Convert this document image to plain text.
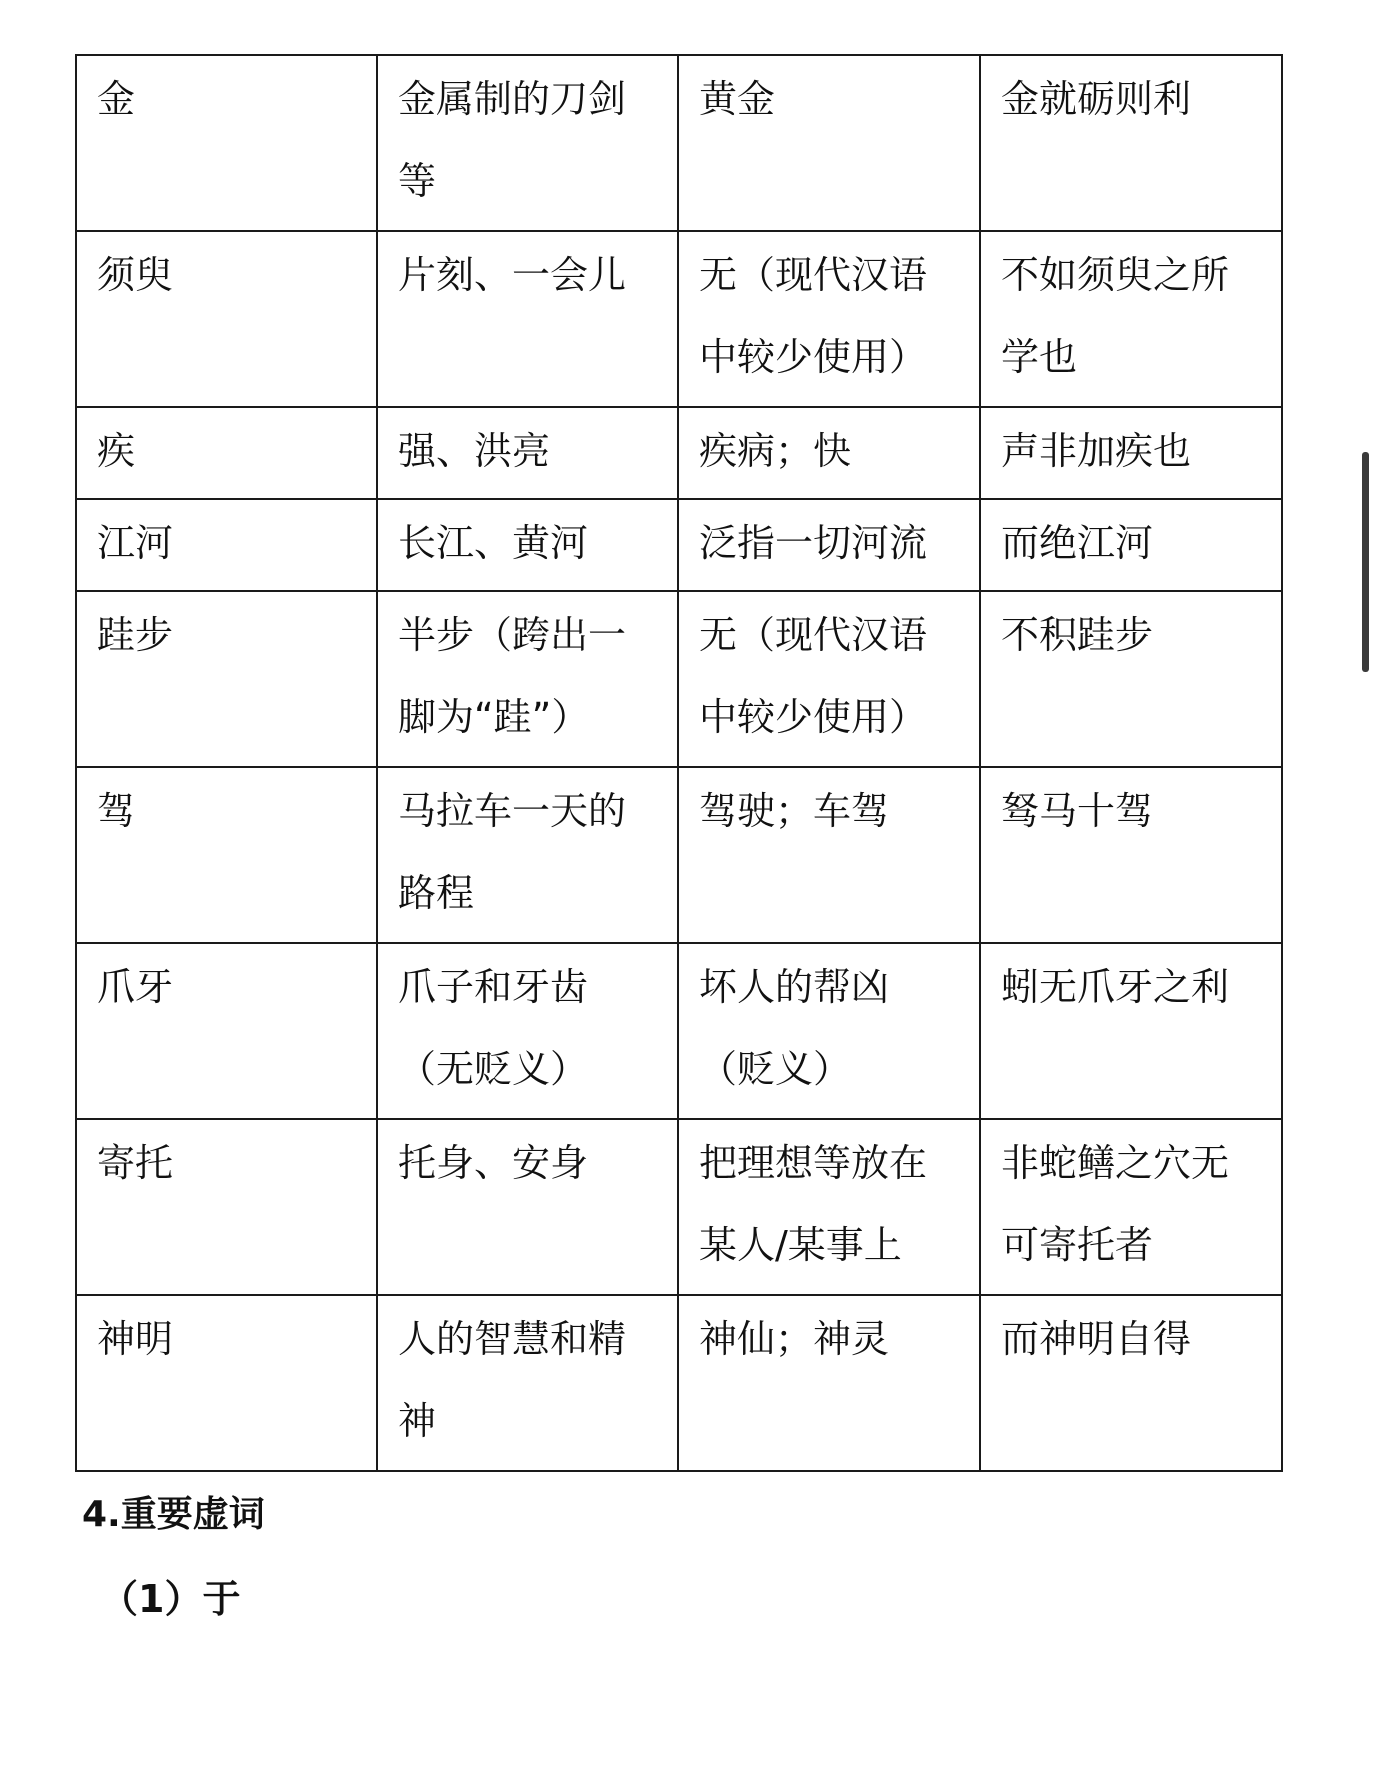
金	金属制的刀剑等	黄金	金就砺则利

须臾	片刻、一会儿	无（现代汉语中较少使用）	不如须臾之所学也

疾	强、洪亮	疾病；快	声非加疾也

江河	长江、黄河	泛指一切河流	而绝江河

跬步	半步（跨出一脚为“跬”）	无（现代汉语中较少使用）	不积跬步

驾	马拉车一天的路程	驾驶；车驾	驽马十驾

爪牙	爪子和牙齿（无贬义）	坏人的帮凶（贬义）	蚓无爪牙之利

寄托	托身、安身	把理想等放在某人/某事上	非蛇鳝之穴无可寄托者

神明	人的智慧和精神	神仙；神灵	而神明自得
4.重要虚词
（1）于
